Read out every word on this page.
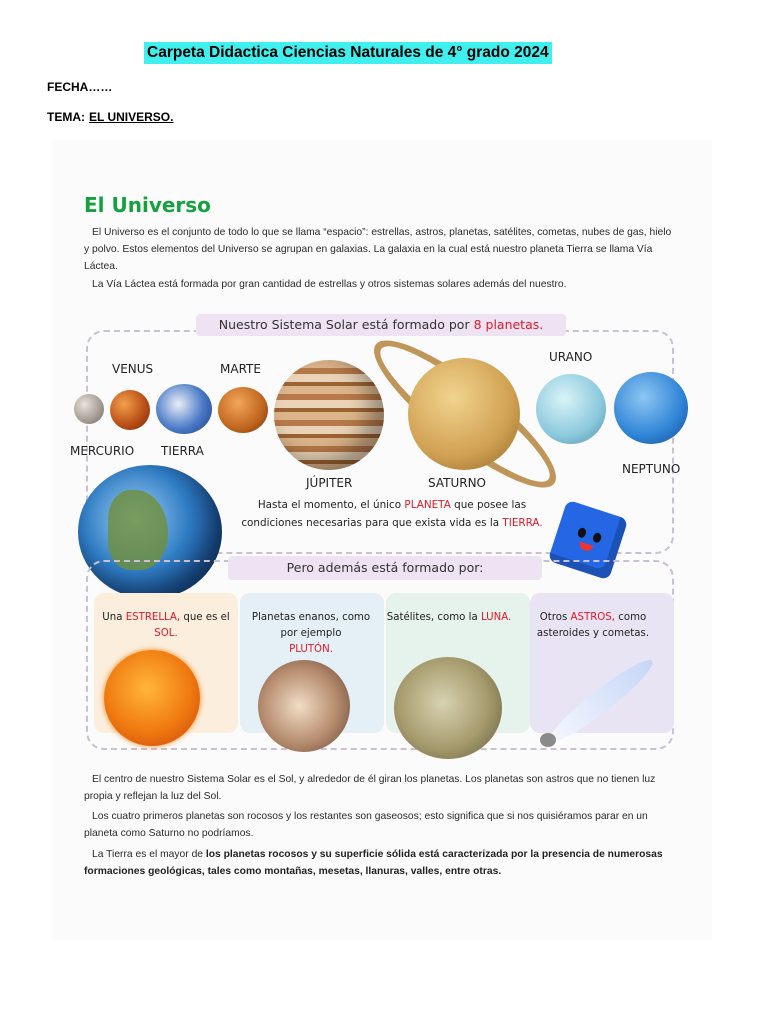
Carpeta Didactica Ciencias Naturales de 4° grado 2024
FECHA……
TEMA: EL UNIVERSO.
El Universo
El Universo es el conjunto de todo lo que se llama “espacio”: estrellas, astros, planetas, satélites, cometas, nubes de gas, hielo y polvo. Estos elementos del Universo se agrupan en galaxias. La galaxia en la cual está nuestro planeta Tierra se llama Vía Láctea.
La Vía Láctea está formada por gran cantidad de estrellas y otros sistemas solares además del nuestro.
Nuestro Sistema Solar está formado por 8 planetas.
VENUS	MARTE
MERCURIO TIERRA
JÚPITER	SATURNO
URANO
NEPTUNO
Hasta el momento, el único PLANETA que posee las condiciones necesarias para que exista vida es la TIERRA.
Pero además está formado por:
Una ESTRELLA, que es el SOL.
Planetas enanos, como por ejemplo
PLUTÓN.
Satélites, como la LUNA.	Otros ASTROS, como asteroides y cometas.
El centro de nuestro Sistema Solar es el Sol, y alrededor de él giran los planetas. Los planetas son astros que no tienen luz propia y reflejan la luz del Sol.
Los cuatro primeros planetas son rocosos y los restantes son gaseosos; esto significa que si nos quisiéramos parar en un planeta como Saturno no podríamos.
La Tierra es el mayor de los planetas rocosos y su superficie sólida está caracterizada por la presencia de numerosas formaciones geológicas, tales como montañas, mesetas, llanuras, valles, entre otras.
